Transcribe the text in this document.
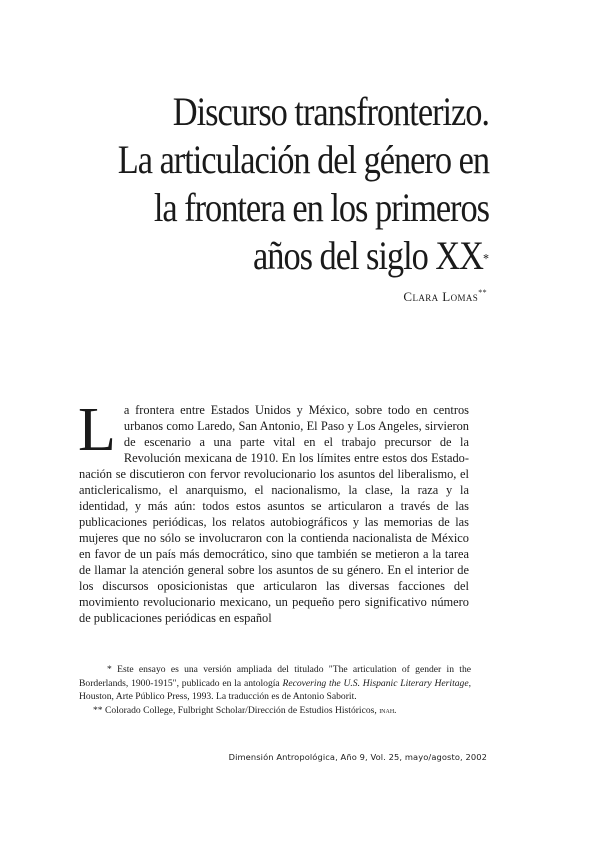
Discurso transfronterizo.
La articulación del género en
la frontera en los primeros
años del siglo XX*
Clara Lomas**
L a frontera entre Estados Unidos y México, sobre todo en centros urbanos como Laredo, San Antonio, El Paso y Los Angeles, sirvieron de escenario a una parte vital en el trabajo precursor de la Revolución mexicana de 1910. En los límites entre estos dos Estado-nación se discutieron con fervor revolucionario los asuntos del liberalismo, el anticlericalismo, el anarquismo, el nacionalismo, la clase, la raza y la identidad, y más aún: todos estos asuntos se articularon a través de las publicaciones periódicas, los relatos autobiográficos y las memorias de las mujeres que no sólo se involucraron con la contienda nacionalista de México en favor de un país más democrático, sino que también se metieron a la tarea de llamar la atención general sobre los asuntos de su género. En el interior de los discursos oposicionistas que articularon las diversas facciones del movimiento revolucionario mexicano, un pequeño pero significativo número de publicaciones periódicas en español

* Este ensayo es una versión ampliada del titulado "The articulation of gender in the Borderlands, 1900-1915", publicado en la antología Recovering the U.S. Hispanic Literary Heritage, Houston, Arte Público Press, 1993. La traducción es de Antonio Saborit.

** Colorado College, Fulbright Scholar/Dirección de Estudios Históricos, inah.

Dimensión Antropológica, Año 9, Vol. 25, mayo/agosto, 2002
